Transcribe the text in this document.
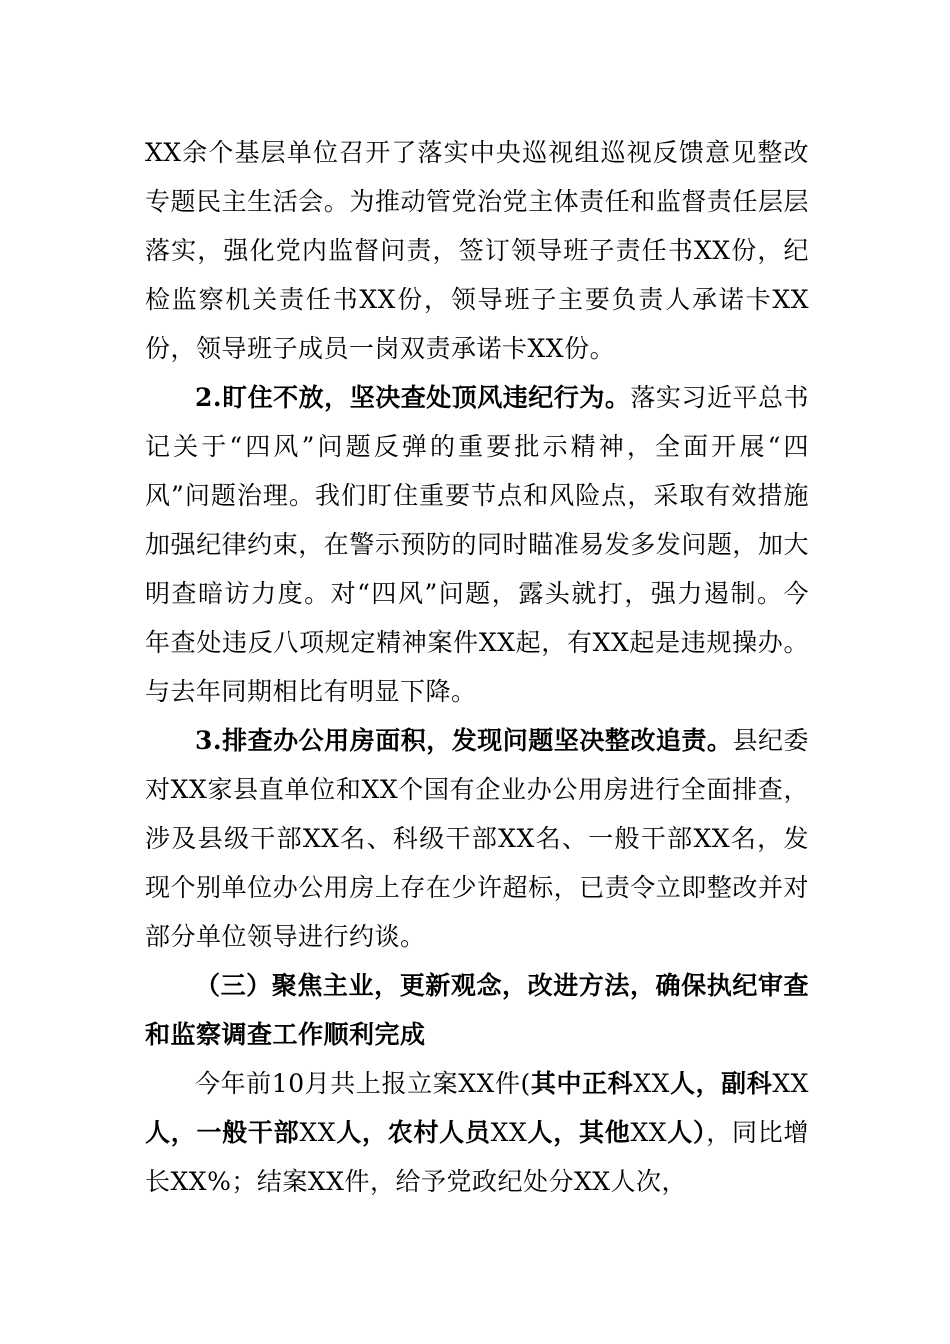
XX余个基层单位召开了落实中央巡视组巡视反馈意见整改专题民主生活会。为推动管党治党主体责任和监督责任层层落实，强化党内监督问责，签订领导班子责任书XX份，纪检监察机关责任书XX份，领导班子主要负责人承诺卡XX份，领导班子成员一岗双责承诺卡XX份。

2.盯住不放，坚决查处顶风违纪行为。落实习近平总书记关于“四风”问题反弹的重要批示精神，全面开展“四风”问题治理。我们盯住重要节点和风险点，采取有效措施加强纪律约束，在警示预防的同时瞄准易发多发问题，加大明查暗访力度。对“四风”问题，露头就打，强力遏制。今年查处违反八项规定精神案件XX起，有XX起是违规操办。与去年同期相比有明显下降。

3.排查办公用房面积，发现问题坚决整改追责。县纪委对XX家县直单位和XX个国有企业办公用房进行全面排查，涉及县级干部XX名、科级干部XX名、一般干部XX名，发现个别单位办公用房上存在少许超标，已责令立即整改并对部分单位领导进行约谈。

（三）聚焦主业，更新观念，改进方法，确保执纪审查和监察调查工作顺利完成

今年前10月共上报立案XX件(其中正科XX人，副科XX人，一般干部XX人，农村人员XX人，其他XX人），同比增长XX%；结案XX件，给予党政纪处分XX人次，
